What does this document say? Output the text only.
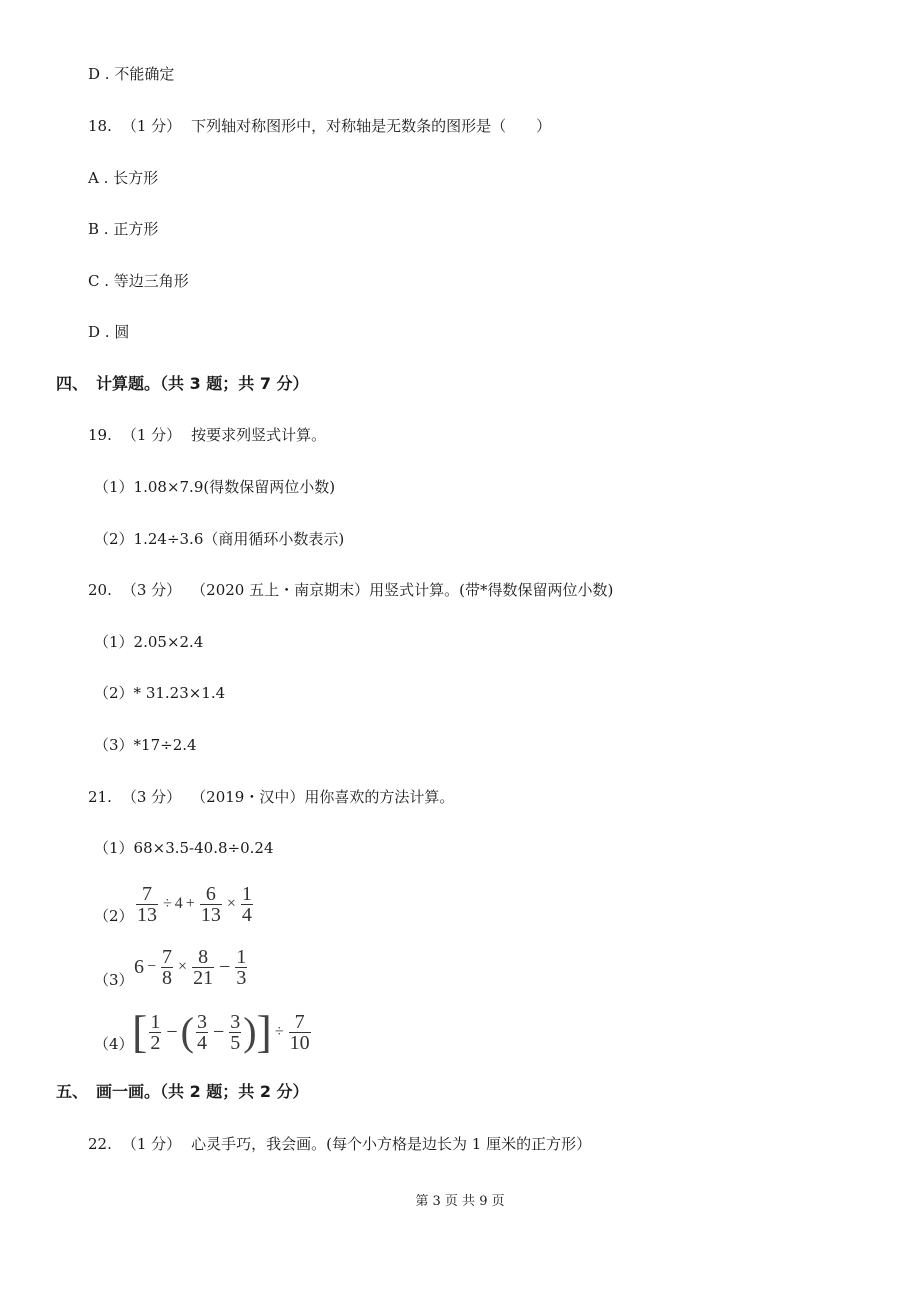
D . 不能确定
18. （1 分） 下列轴对称图形中，对称轴是无数条的图形是（　　）
A . 长方形
B . 正方形
C . 等边三角形
D . 圆
四、　计算题。（共 3 题；共 7 分）
19. （1 分） 按要求列竖式计算。
（1）1.08×7.9(得数保留两位小数)
（2）1.24÷3.6（商用循环小数表示)
20. （3 分） （2020 五上・南京期末）用竖式计算。(带*得数保留两位小数)
（1）2.05×2.4
（2）* 31.23×1.4
（3）*17÷2.4
21. （3 分） （2019・汉中）用你喜欢的方法计算。
（1）68×3.5-40.8÷0.24
$(2) \frac{7}{13} \div 4 + \frac{6}{13} \times \frac{1}{4}$
（3）
$6 - \frac{7}{8} \times \frac{8}{21} - \frac{1}{3}$
（4）
[ $\frac{1}{2}$ − ( $\frac{3}{4} - \frac{3}{5}$ ) ] ÷ $\frac{7}{10}$
五、　画一画。（共 2 题；共 2 分）
22. （1 分） 心灵手巧，我会画。(每个小方格是边长为 1 厘米的正方形）
第 3 页 共 9 页
